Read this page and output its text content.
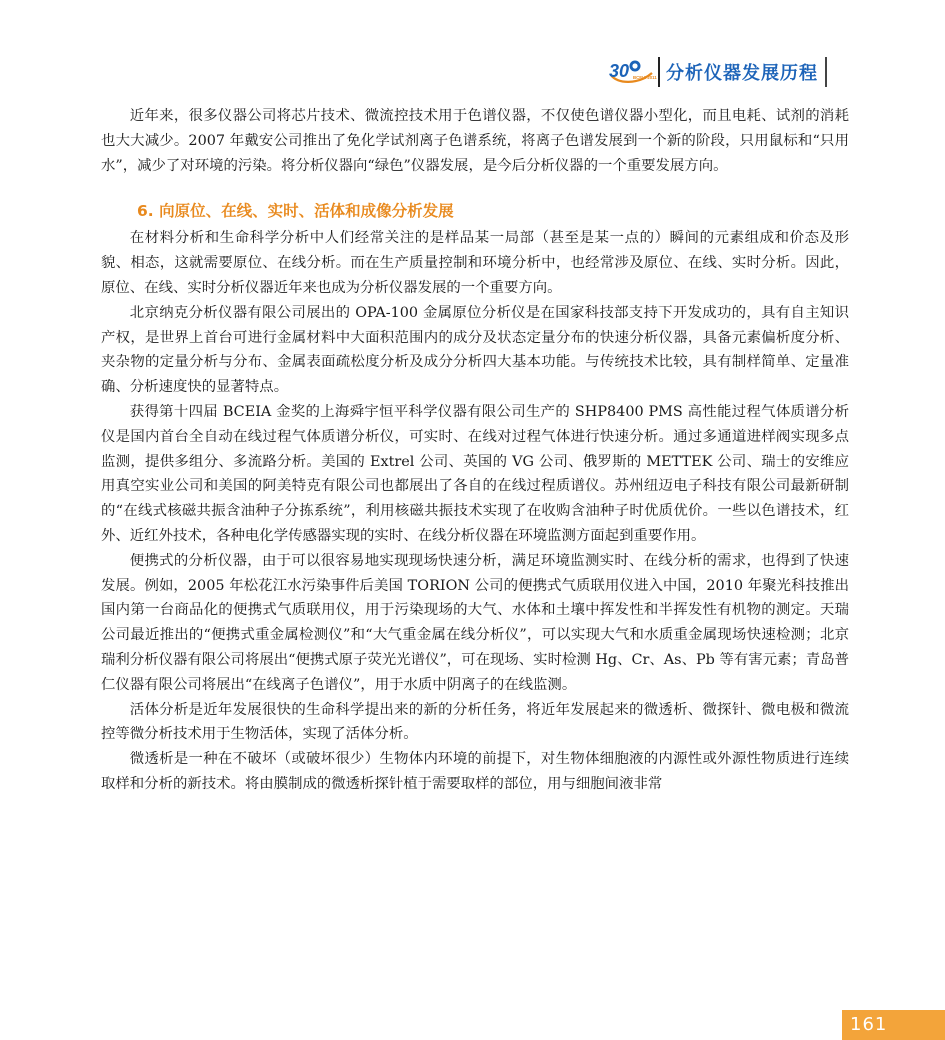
30 BCEIA 2011 分析仪器发展历程

近年来，很多仪器公司将芯片技术、微流控技术用于色谱仪器，不仅使色谱仪器小型化，而且电耗、试剂的消耗也大大减少。2007 年戴安公司推出了免化学试剂离子色谱系统，将离子色谱发展到一个新的阶段，只用鼠标和“只用水”，减少了对环境的污染。将分析仪器向“绿色”仪器发展，是今后分析仪器的一个重要发展方向。

6. 向原位、在线、实时、活体和成像分析发展

在材料分析和生命科学分析中人们经常关注的是样品某一局部（甚至是某一点的）瞬间的元素组成和价态及形貌、相态，这就需要原位、在线分析。而在生产质量控制和环境分析中，也经常涉及原位、在线、实时分析。因此，原位、在线、实时分析仪器近年来也成为分析仪器发展的一个重要方向。

北京纳克分析仪器有限公司展出的 OPA-100 金属原位分析仪是在国家科技部支持下开发成功的，具有自主知识产权，是世界上首台可进行金属材料中大面积范围内的成分及状态定量分布的快速分析仪器，具备元素偏析度分析、夹杂物的定量分析与分布、金属表面疏松度分析及成分分析四大基本功能。与传统技术比较，具有制样简单、定量准确、分析速度快的显著特点。

获得第十四届 BCEIA 金奖的上海舜宇恒平科学仪器有限公司生产的 SHP8400 PMS 高性能过程气体质谱分析仪是国内首台全自动在线过程气体质谱分析仪，可实时、在线对过程气体进行快速分析。通过多通道进样阀实现多点监测，提供多组分、多流路分析。美国的 Extrel 公司、英国的 VG 公司、俄罗斯的 METTEK 公司、瑞士的安维应用真空实业公司和美国的阿美特克有限公司也都展出了各自的在线过程质谱仪。苏州纽迈电子科技有限公司最新研制的“在线式核磁共振含油种子分拣系统”，利用核磁共振技术实现了在收购含油种子时优质优价。一些以色谱技术，红外、近红外技术，各种电化学传感器实现的实时、在线分析仪器在环境监测方面起到重要作用。

便携式的分析仪器，由于可以很容易地实现现场快速分析，满足环境监测实时、在线分析的需求，也得到了快速发展。例如，2005 年松花江水污染事件后美国 TORION 公司的便携式气质联用仪进入中国，2010 年聚光科技推出国内第一台商品化的便携式气质联用仪，用于污染现场的大气、水体和土壤中挥发性和半挥发性有机物的测定。天瑞公司最近推出的“便携式重金属检测仪”和“大气重金属在线分析仪”，可以实现大气和水质重金属现场快速检测；北京瑞利分析仪器有限公司将展出“便携式原子荧光光谱仪”，可在现场、实时检测 Hg、Cr、As、Pb 等有害元素；青岛普仁仪器有限公司将展出“在线离子色谱仪”，用于水质中阴离子的在线监测。

活体分析是近年发展很快的生命科学提出来的新的分析任务，将近年发展起来的微透析、微探针、微电极和微流控等微分析技术用于生物活体，实现了活体分析。

微透析是一种在不破坏（或破坏很少）生物体内环境的前提下，对生物体细胞液的内源性或外源性物质进行连续取样和分析的新技术。将由膜制成的微透析探针植于需要取样的部位，用与细胞间液非常

161
